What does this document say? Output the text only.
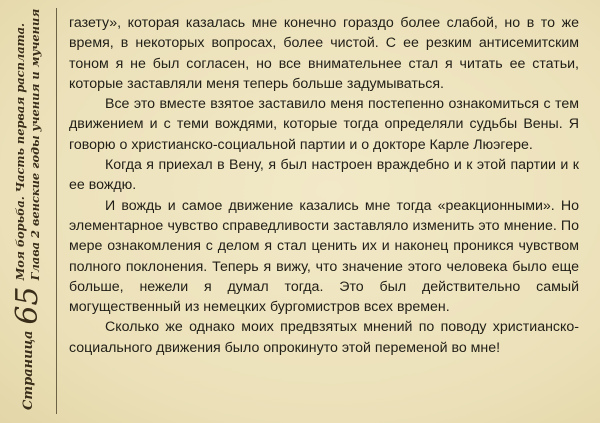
Страница
65
Моя борьба. Часть первая расплата. Глава 2 венские годы учения и мучения газету», которая казалась мне конечно гораздо более слабой, но в то же время, в некоторых вопросах, более чистой. С ее резким антисемитским тоном я не был согласен, но все внимательнее стал я читать ее статьи, которые заставляли меня теперь больше задумываться.

Все это вместе взятое заставило меня постепенно ознакомиться с тем движением и с теми вождями, которые тогда определяли судьбы Вены. Я говорю о христианско-социальной партии и о докторе Карле Люэгере.

Когда я приехал в Вену, я был настроен враждебно и к этой партии и к ее вождю.

И вождь и самое движение казались мне тогда «реакционными». Но элементарное чувство справедливости заставляло изменить это мнение. По мере ознакомления с делом я стал ценить их и наконец проникся чувством полного поклонения. Теперь я вижу, что значение этого человека было еще больше, нежели я думал тогда. Это был действительно самый могущественный из немецких бургомистров всех времен.

Сколько же однако моих предвзятых мнений по поводу христианско-социального движения было опрокинуто этой переменой во мне!
